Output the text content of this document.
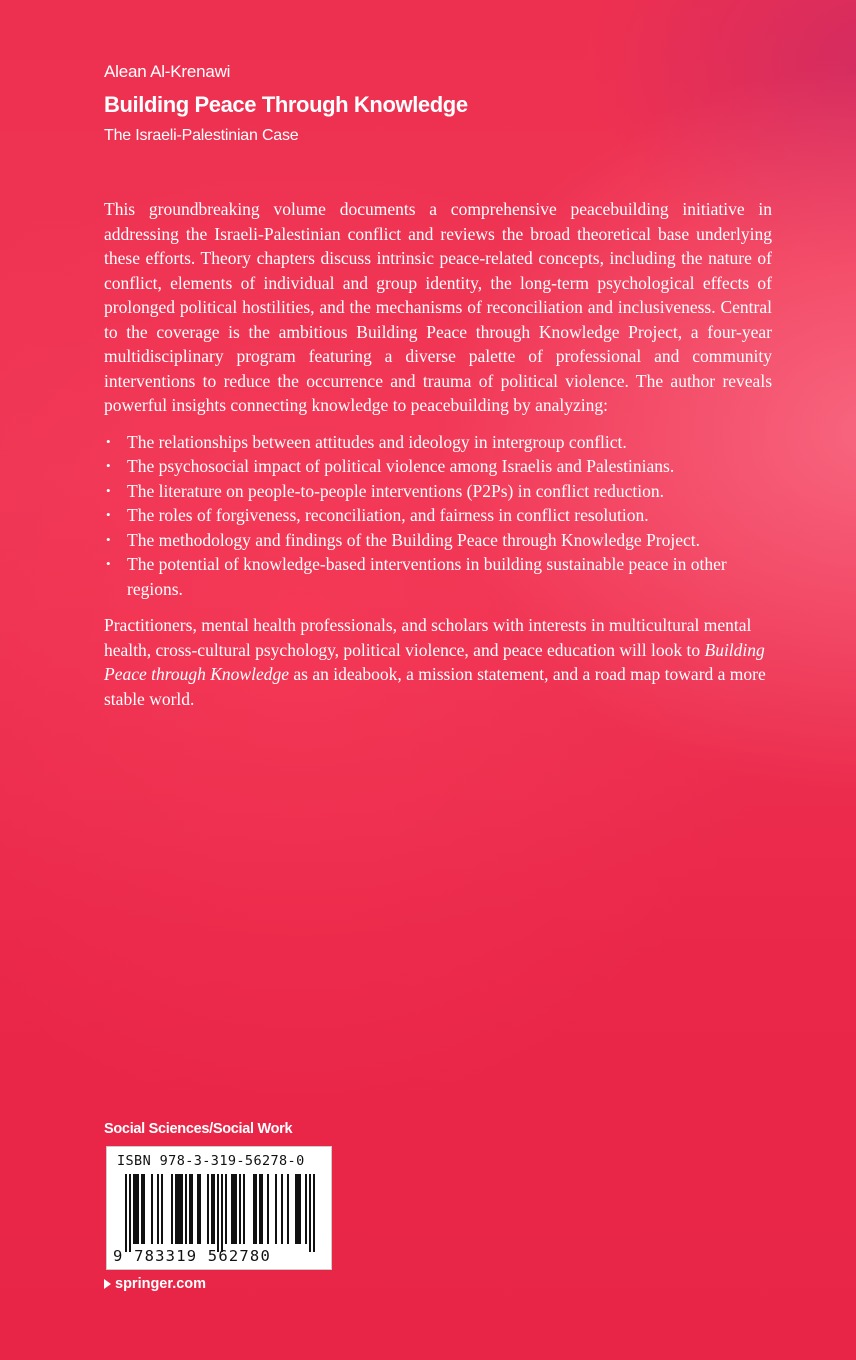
Alean Al-Krenawi
Building Peace Through Knowledge
The Israeli-Palestinian Case

This groundbreaking volume documents a comprehensive peacebuilding initiative in addressing the Israeli-Palestinian conflict and reviews the broad theoretical base underlying these efforts. Theory chapters discuss intrinsic peace-related concepts, including the nature of conflict, elements of individual and group identity, the long-term psychological effects of prolonged political hostilities, and the mechanisms of reconciliation and inclusiveness. Central to the coverage is the ambitious Building Peace through Knowledge Project, a four-year multidisciplinary program featuring a diverse palette of professional and community interventions to reduce the occurrence and trauma of political violence. The author reveals powerful insights connecting knowledge to peacebuilding by analyzing:

• The relationships between attitudes and ideology in intergroup conflict.
• The psychosocial impact of political violence among Israelis and Palestinians.
• The literature on people-to-people interventions (P2Ps) in conflict reduction.
• The roles of forgiveness, reconciliation, and fairness in conflict resolution.
• The methodology and findings of the Building Peace through Knowledge Project.
• The potential of knowledge-based interventions in building sustainable peace in other regions.

Practitioners, mental health professionals, and scholars with interests in multicultural mental health, cross-cultural psychology, political violence, and peace education will look to Building Peace through Knowledge as an ideabook, a mission statement, and a road map toward a more stable world.

Social Sciences/Social Work
ISBN 978-3-319-56278-0
9 783319 562780
springer.com
